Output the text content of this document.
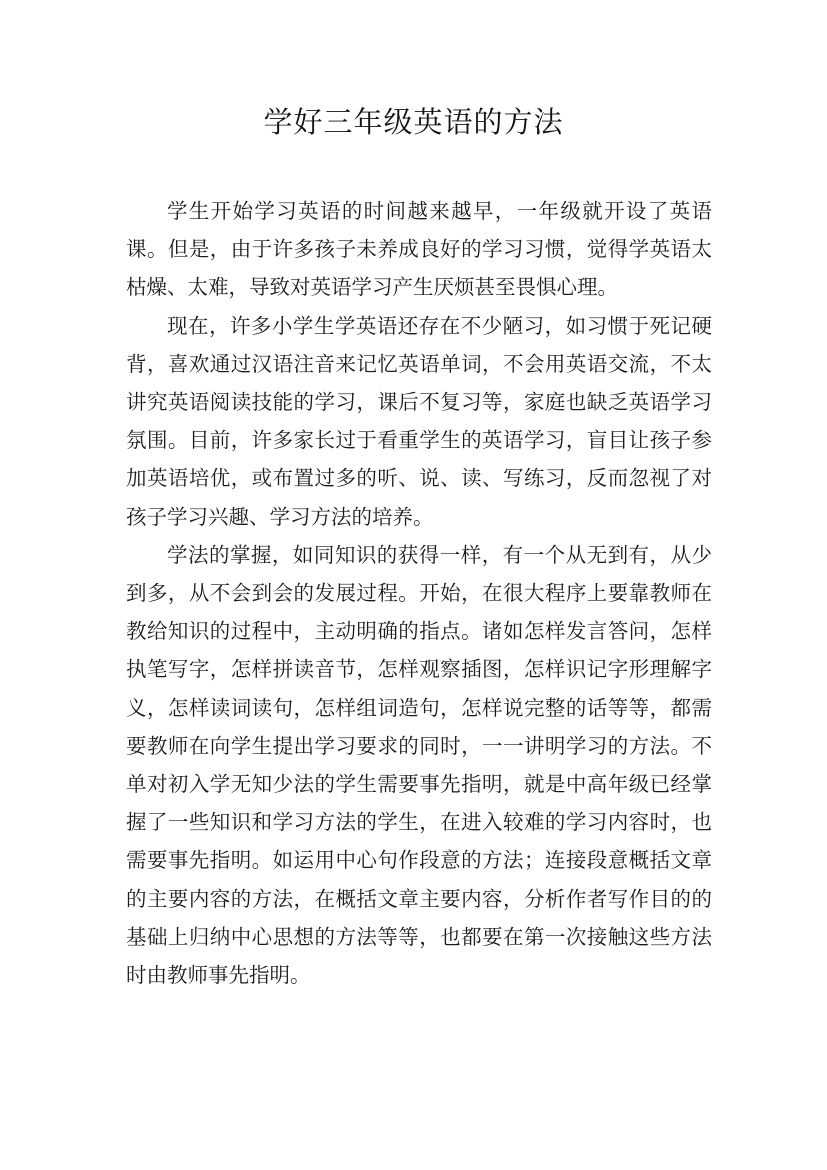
学好三年级英语的方法

学生开始学习英语的时间越来越早，一年级就开设了英语课。但是，由于许多孩子未养成良好的学习习惯，觉得学英语太枯燥、太难，导致对英语学习产生厌烦甚至畏惧心理。

现在，许多小学生学英语还存在不少陋习，如习惯于死记硬背，喜欢通过汉语注音来记忆英语单词，不会用英语交流，不太讲究英语阅读技能的学习，课后不复习等，家庭也缺乏英语学习氛围。目前，许多家长过于看重学生的英语学习，盲目让孩子参加英语培优，或布置过多的听、说、读、写练习，反而忽视了对孩子学习兴趣、学习方法的培养。

学法的掌握，如同知识的获得一样，有一个从无到有，从少到多，从不会到会的发展过程。开始，在很大程序上要靠教师在教给知识的过程中，主动明确的指点。诸如怎样发言答问，怎样执笔写字，怎样拼读音节，怎样观察插图，怎样识记字形理解字义，怎样读词读句，怎样组词造句，怎样说完整的话等等，都需要教师在向学生提出学习要求的同时，一一讲明学习的方法。不单对初入学无知少法的学生需要事先指明，就是中高年级已经掌握了一些知识和学习方法的学生，在进入较难的学习内容时，也需要事先指明。如运用中心句作段意的方法；连接段意概括文章的主要内容的方法，在概括文章主要内容，分析作者写作目的的基础上归纳中心思想的方法等等，也都要在第一次接触这些方法时由教师事先指明。
